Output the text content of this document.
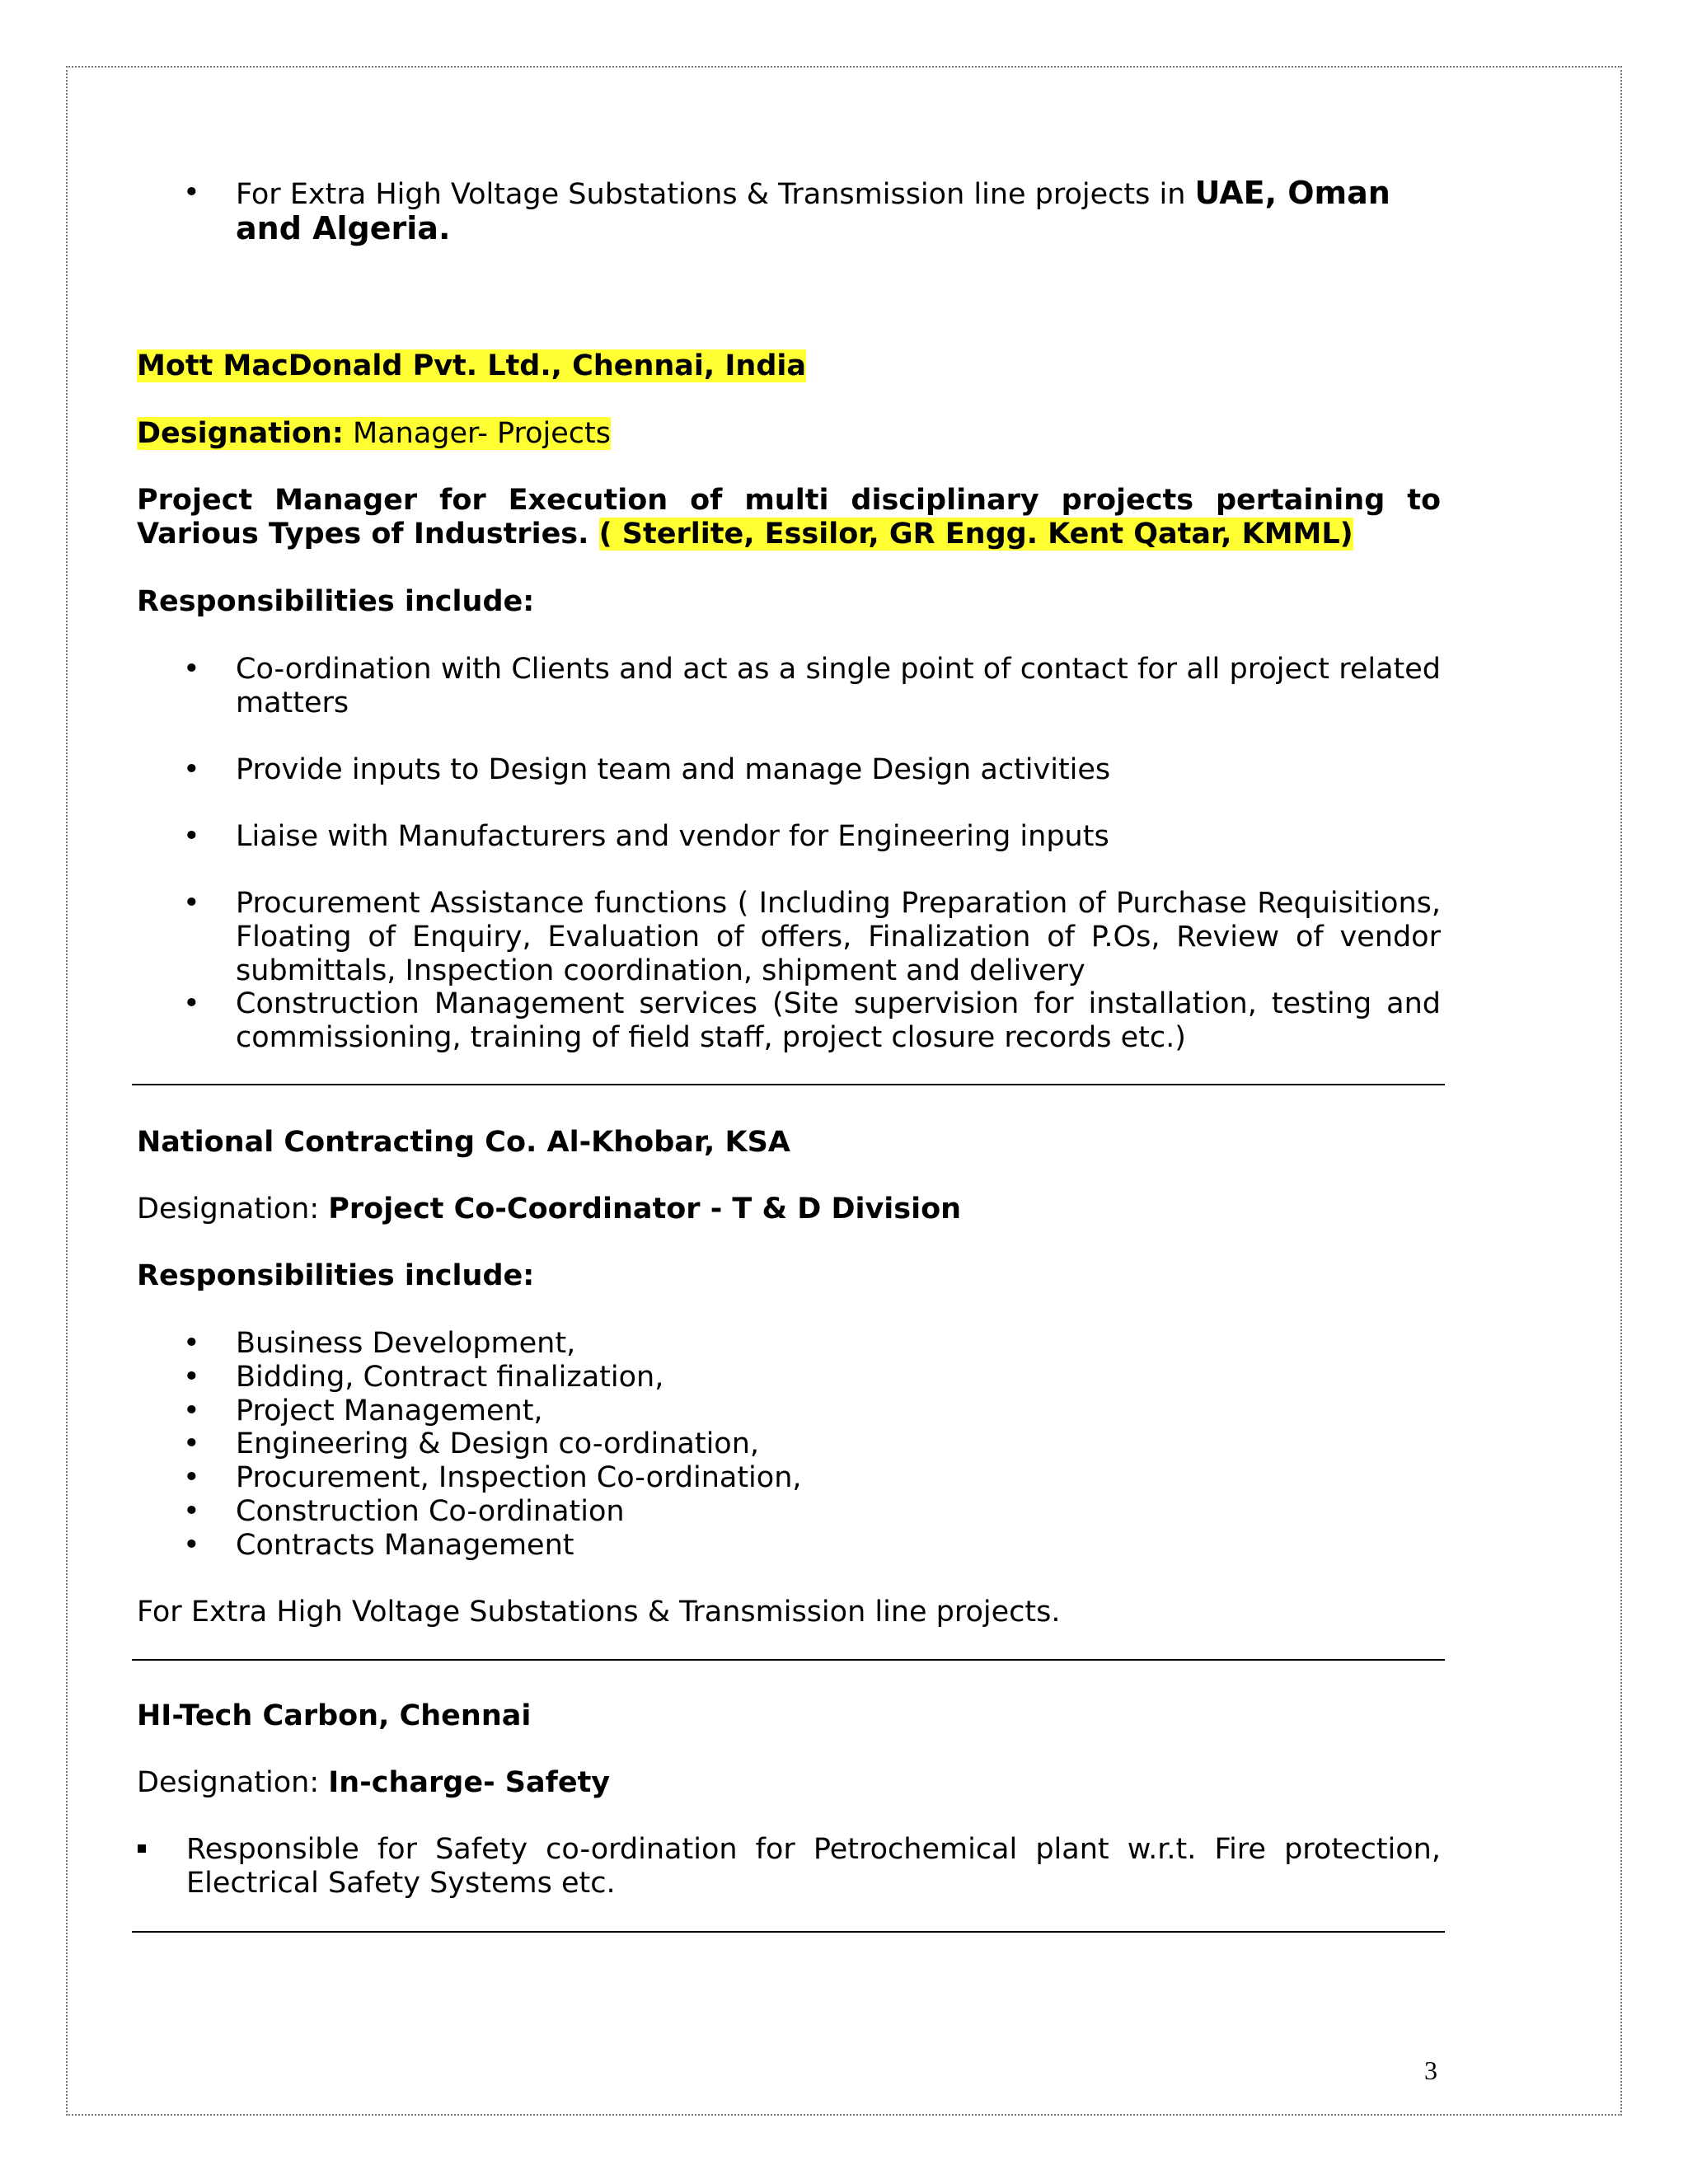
• For Extra High Voltage Substations & Transmission line projects in UAE, Oman and Algeria.
Mott MacDonald Pvt. Ltd., Chennai, India
Designation: Manager- Projects
Project Manager for Execution of multi disciplinary projects pertaining to Various Types of Industries. ( Sterlite, Essilor, GR Engg. Kent Qatar, KMML)
Responsibilities include:
• Co-ordination with Clients and act as a single point of contact for all project related matters
• Provide inputs to Design team and manage Design activities
• Liaise with Manufacturers and vendor for Engineering inputs
• Procurement Assistance functions ( Including Preparation of Purchase Requisitions, Floating of Enquiry, Evaluation of offers, Finalization of P.Os, Review of vendor submittals, Inspection coordination, shipment and delivery
• Construction Management services (Site supervision for installation, testing and commissioning, training of field staff, project closure records etc.)
National Contracting Co. Al-Khobar, KSA
Designation: Project Co-Coordinator - T & D Division
Responsibilities include:
• Business Development,
• Bidding, Contract finalization,
• Project Management,
• Engineering & Design co-ordination,
• Procurement, Inspection Co-ordination,
• Construction Co-ordination
• Contracts Management
For Extra High Voltage Substations & Transmission line projects.
HI-Tech Carbon, Chennai
Designation: In-charge- Safety
Responsible for Safety co-ordination for Petrochemical plant w.r.t. Fire protection, Electrical Safety Systems etc.
3
